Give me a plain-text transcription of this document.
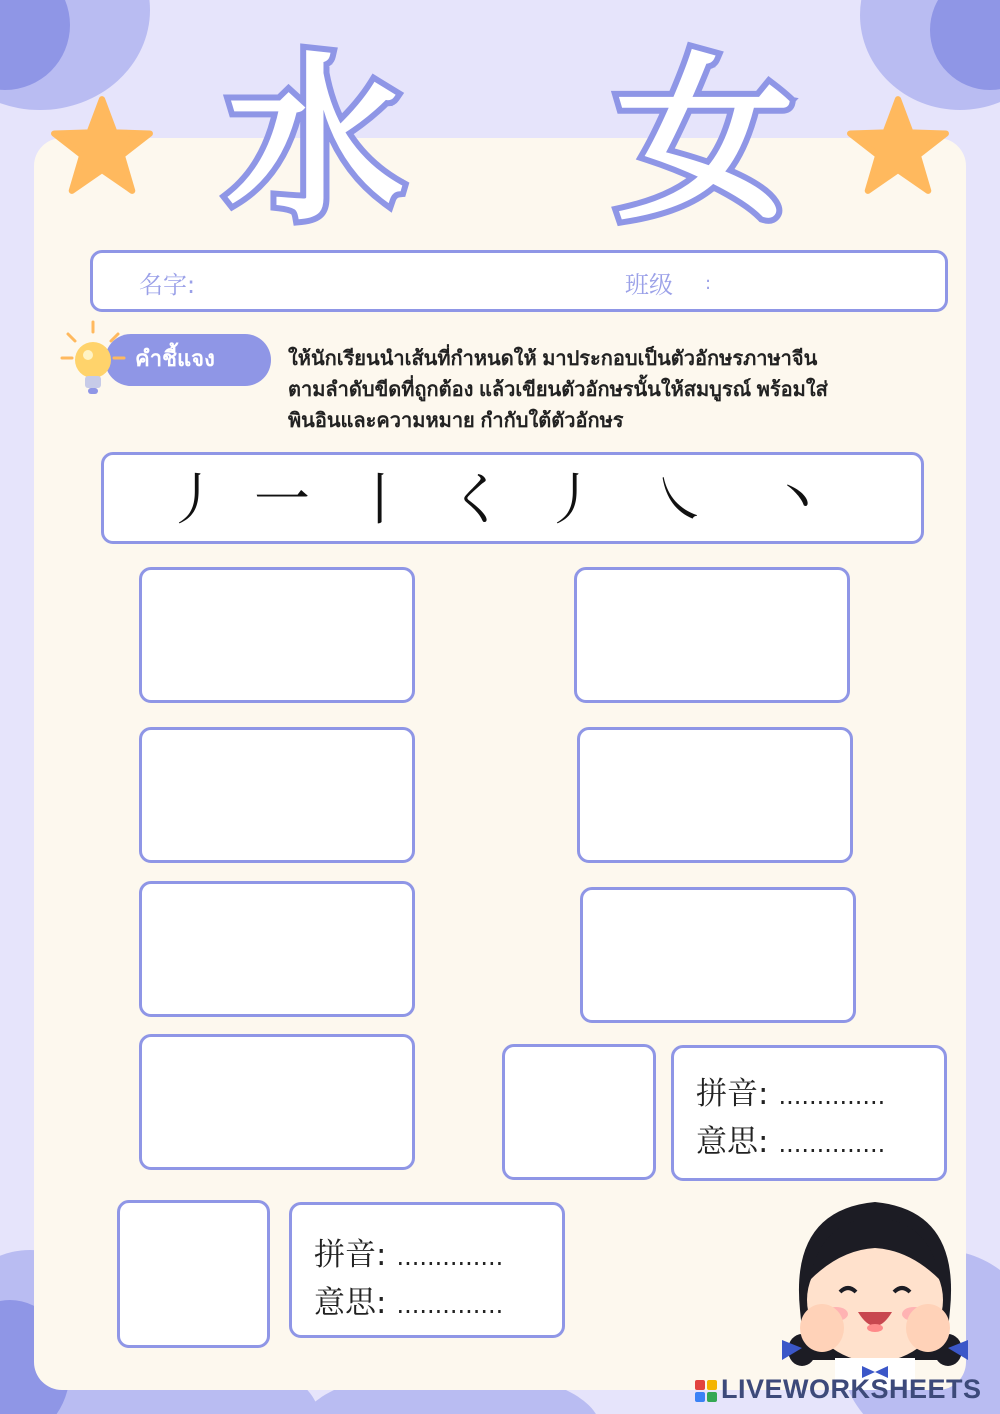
水 女
名字:	班级 :
คำชี้แจง	ให้นักเรียนนำเส้นที่กำหนดให้ มาประกอบเป็นตัวอักษรภาษาจีน
ตามลำดับขีดที่ถูกต้อง แล้วเขียนตัวอักษรนั้นให้สมบูรณ์ พร้อมใส่
พินอินและความหมาย กำกับใต้ตัวอักษร
丿 一 丨 く 丿 ㇏ 丶
拼音: ..............
意思: ..............
拼音: ..............
意思: ..............
LIVEWORKSHEETS
